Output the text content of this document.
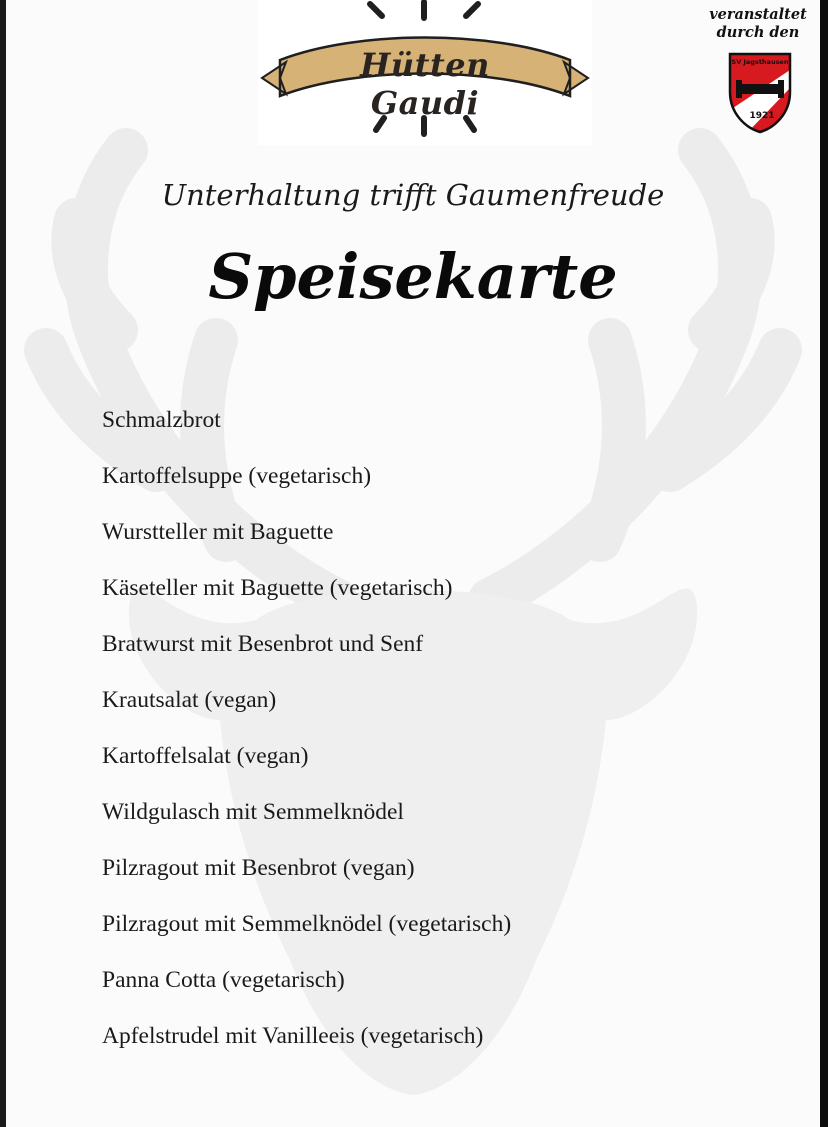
Hütten Gaudi
veranstaltet
durch den
SV Jagsthausen
1921
Unterhaltung trifft Gaumenfreude
Speisekarte
Schmalzbrot
Kartoffelsuppe (vegetarisch)
Wurstteller mit Baguette
Käseteller mit Baguette (vegetarisch)
Bratwurst mit Besenbrot und Senf
Krautsalat (vegan)
Kartoffelsalat (vegan)
Wildgulasch mit Semmelknödel
Pilzragout mit Besenbrot (vegan)
Pilzragout mit Semmelknödel (vegetarisch)
Panna Cotta (vegetarisch)
Apfelstrudel mit Vanilleeis (vegetarisch)
